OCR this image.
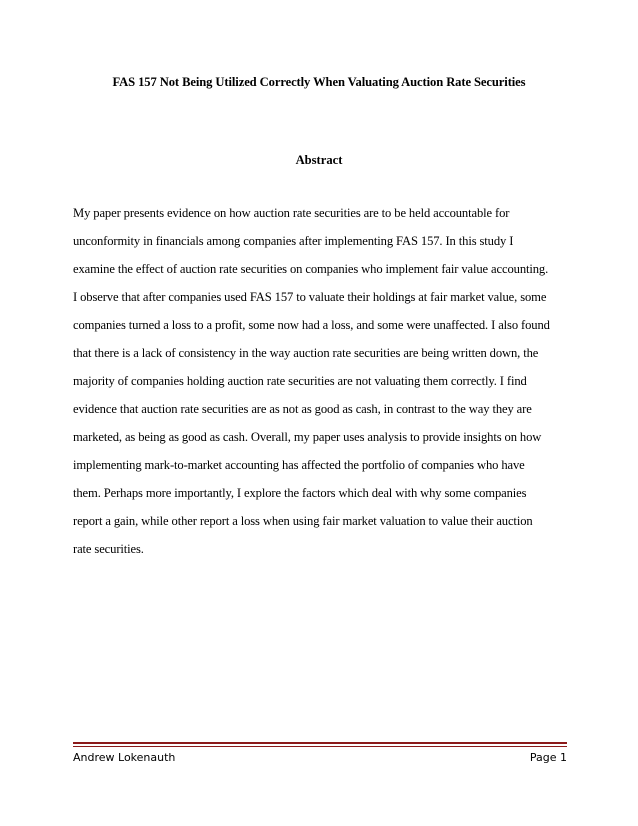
FAS 157 Not Being Utilized Correctly When Valuating Auction Rate Securities
Abstract
My paper presents evidence on how auction rate securities are to be held accountable for
unconformity in financials among companies after implementing FAS 157. In this study I
examine the effect of auction rate securities on companies who implement fair value accounting.
I observe that after companies used FAS 157 to valuate their holdings at fair market value, some
companies turned a loss to a profit, some now had a loss, and some were unaffected. I also found
that there is a lack of consistency in the way auction rate securities are being written down, the
majority of companies holding auction rate securities are not valuating them correctly. I find
evidence that auction rate securities are as not as good as cash, in contrast to the way they are
marketed, as being as good as cash. Overall, my paper uses analysis to provide insights on how
implementing mark-to-market accounting has affected the portfolio of companies who have
them. Perhaps more importantly, I explore the factors which deal with why some companies
report a gain, while other report a loss when using fair market valuation to value their auction
rate securities.
Andrew Lokenauth	Page 1
